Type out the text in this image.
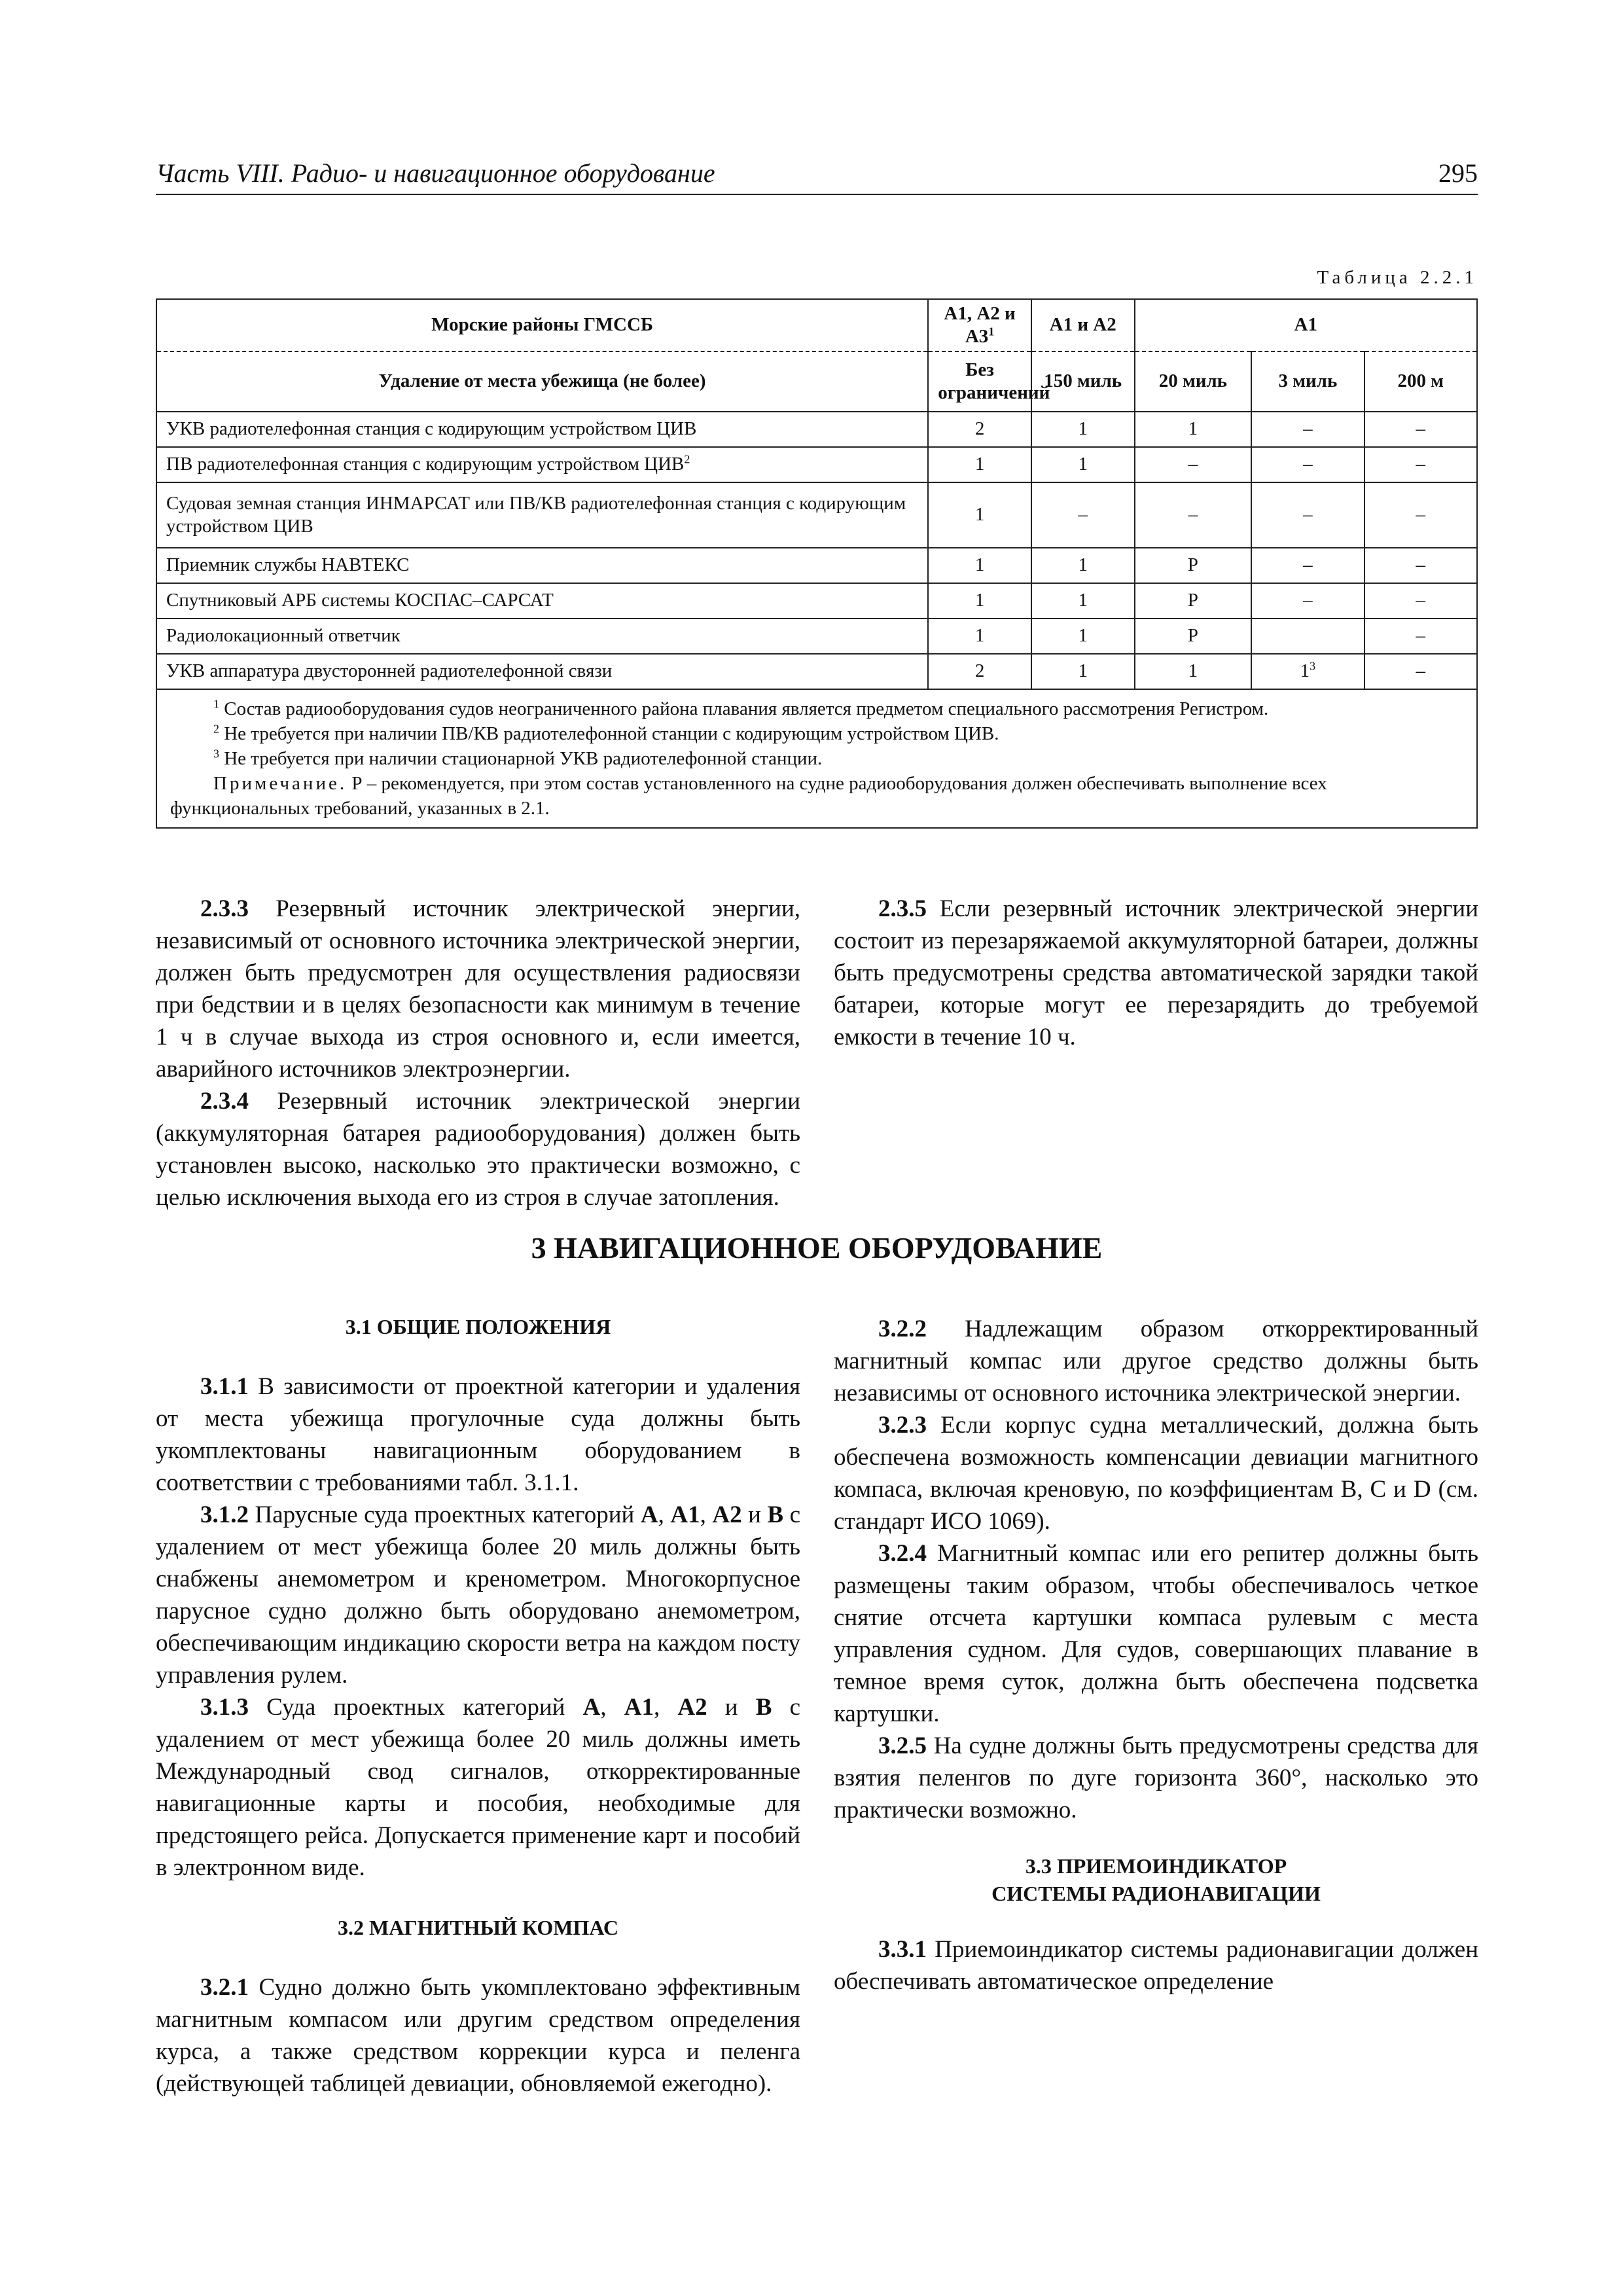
Часть VIII. Радио- и навигационное оборудование	295
Таблица 2.2.1
Морские районы ГМССБ	А1, А2 и $А3^1$	А1 и А2	А1		
Удаление от места убежища (не более)	Без ограничений	150 миль	20 миль	3 миль	200 м
УКВ радиотелефонная станция с кодирующим устройством ЦИВ	2	1	1	–	–
ПВ радиотелефонная станция с кодирующим устройством ЦИВ$^2$	1	1	–	–	–
Судовая земная станция ИНМАРСАТ или ПВ/КВ радиотелефонная станция с кодирующим устройством ЦИВ	1	–	–	–	–
Приемник службы НАВТЕКС	1	1	Р	–	–
Спутниковый АРБ системы КОСПАС–САРСАТ	1	1	Р	–	–
Радиолокационный ответчик	1	1	Р		–
УКВ аппаратура двусторонней радиотелефонной связи	2	1	1	$1^3$	–

$^1$ Состав радиооборудования судов неограниченного района плавания является предметом специального рассмотрения Регистром.
$^2$ Не требуется при наличии ПВ/КВ радиотелефонной станции с кодирующим устройством ЦИВ.
$^3$ Не требуется при наличии стационарной УКВ радиотелефонной станции.
Примечание. Р – рекомендуется, при этом состав установленного на судне радиооборудования должен обеспечивать выполнение всех функциональных требований, указанных в 2.1.					

2.3.3 Резервный источник электрической энергии, независимый от основного источника электрической энергии, должен быть предусмотрен для осуществления радиосвязи при бедствии и в целях безопасности как минимум в течение 1 ч в случае выхода из строя основного и, если имеется, аварийного источников электроэнергии.

2.3.4 Резервный источник электрической энергии (аккумуляторная батарея радиооборудования) должен быть установлен высоко, насколько это практически возможно, с целью исключения выхода его из строя в случае затопления.

2.3.5 Если резервный источник электрической энергии состоит из перезаряжаемой аккумуляторной батареи, должны быть предусмотрены средства автоматической зарядки такой батареи, которые могут ее перезарядить до требуемой емкости в течение 10 ч.

3 НАВИГАЦИОННОЕ ОБОРУДОВАНИЕ

3.1 ОБЩИЕ ПОЛОЖЕНИЯ

3.1.1 В зависимости от проектной категории и удаления от места убежища прогулочные суда должны быть укомплектованы навигационным оборудованием в соответствии с требованиями табл. 3.1.1.

3.1.2 Парусные суда проектных категорий А, А1, А2 и В с удалением от мест убежища более 20 миль должны быть снабжены анемометром и кренометром. Многокорпусное парусное судно должно быть оборудовано анемометром, обеспечивающим индикацию скорости ветра на каждом посту управления рулем.

3.1.3 Суда проектных категорий А, А1, А2 и В с удалением от мест убежища более 20 миль должны иметь Международный свод сигналов, откорректированные навигационные карты и пособия, необходимые для предстоящего рейса. Допускается применение карт и пособий в электронном виде.

3.2 МАГНИТНЫЙ КОМПАС

3.2.1 Судно должно быть укомплектовано эффективным магнитным компасом или другим средством определения курса, а также средством коррекции курса и пеленга (действующей таблицей девиации, обновляемой ежегодно).

3.2.2 Надлежащим образом откорректированный магнитный компас или другое средство должны быть независимы от основного источника электрической энергии.

3.2.3 Если корпус судна металлический, должна быть обеспечена возможность компенсации девиации магнитного компаса, включая креновую, по коэффициентам B, C и D (см. стандарт ИСО 1069).

3.2.4 Магнитный компас или его репитер должны быть размещены таким образом, чтобы обеспечивалось четкое снятие отсчета картушки компаса рулевым с места управления судном. Для судов, совершающих плавание в темное время суток, должна быть обеспечена подсветка картушки.

3.2.5 На судне должны быть предусмотрены средства для взятия пеленгов по дуге горизонта 360°, насколько это практически возможно.

3.3 ПРИЕМОИНДИКАТОР
СИСТЕМЫ РАДИОНАВИГАЦИИ

3.3.1 Приемоиндикатор системы радионавигации должен обеспечивать автоматическое определение
